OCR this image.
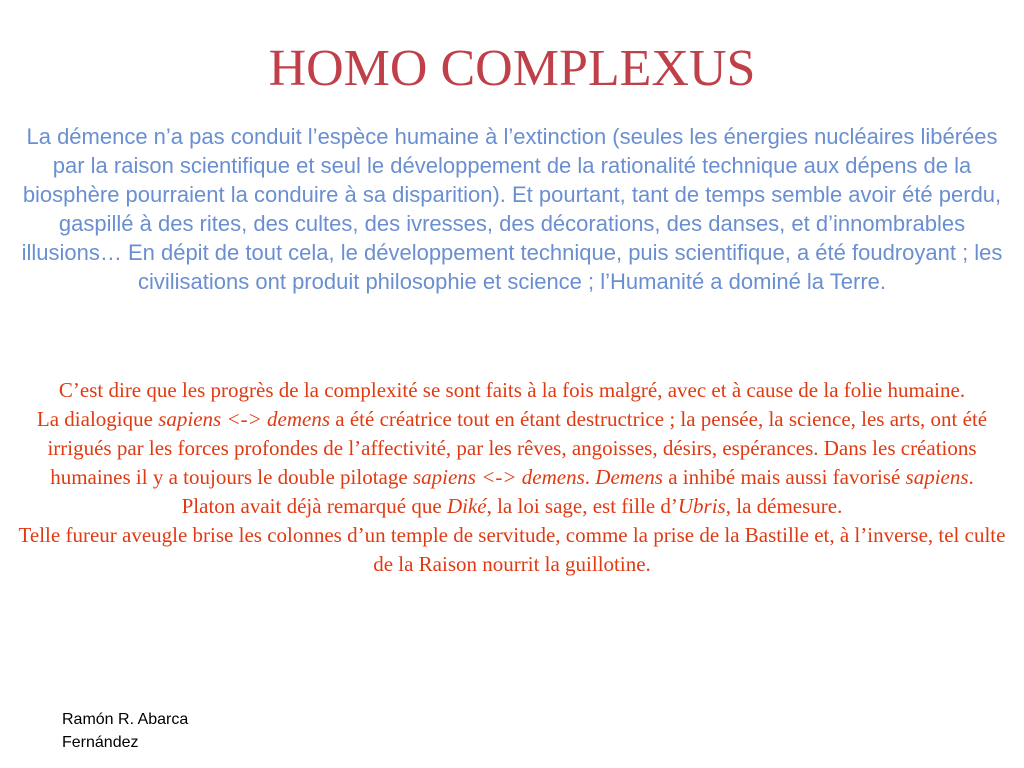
HOMO COMPLEXUS
La démence n’a pas conduit l’espèce humaine à l’extinction (seules les énergies nucléaires libérées par la raison scientifique et seul le développement de la rationalité technique aux dépens de la biosphère pourraient la conduire à sa disparition). Et pourtant, tant de temps semble avoir été perdu, gaspillé à des rites, des cultes, des ivresses, des décorations, des danses, et d’innombrables illusions… En dépit de tout cela, le développement technique, puis scientifique, a été foudroyant ; les civilisations ont produit philosophie et science ; l’Humanité a dominé la Terre.

C’est dire que les progrès de la complexité se sont faits à la fois malgré, avec et à cause de la folie humaine.

La dialogique sapiens <-> demens a été créatrice tout en étant destructrice ; la pensée, la science, les arts, ont été irrigués par les forces profondes de l’affectivité, par les rêves, angoisses, désirs, espérances. Dans les créations humaines il y a toujours le double pilotage sapiens <-> demens. Demens a inhibé mais aussi favorisé sapiens.

Platon avait déjà remarqué que Diké, la loi sage, est fille d’Ubris, la démesure.

Telle fureur aveugle brise les colonnes d’un temple de servitude, comme la prise de la Bastille et, à l’inverse, tel culte de la Raison nourrit la guillotine.

Ramón R. Abarca
Fernández
